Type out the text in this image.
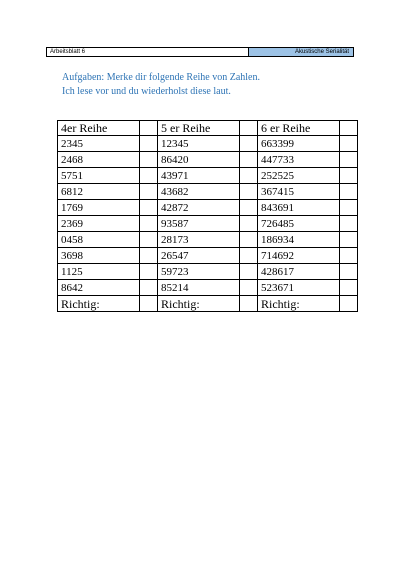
Arbeitsblatt 6	Akustische Serialität
Aufgaben: Merke dir folgende Reihe von Zahlen.
Ich lese vor und du wiederholst diese laut.
4er Reihe		5 er Reihe		6 er Reihe	
2345		12345		663399	
2468		86420		447733	
5751		43971		252525	
6812		43682		367415	
1769		42872		843691	
2369		93587		726485	
0458		28173		186934	
3698		26547		714692	
1125		59723		428617	
8642		85214		523671	
Richtig:		Richtig:		Richtig:	
